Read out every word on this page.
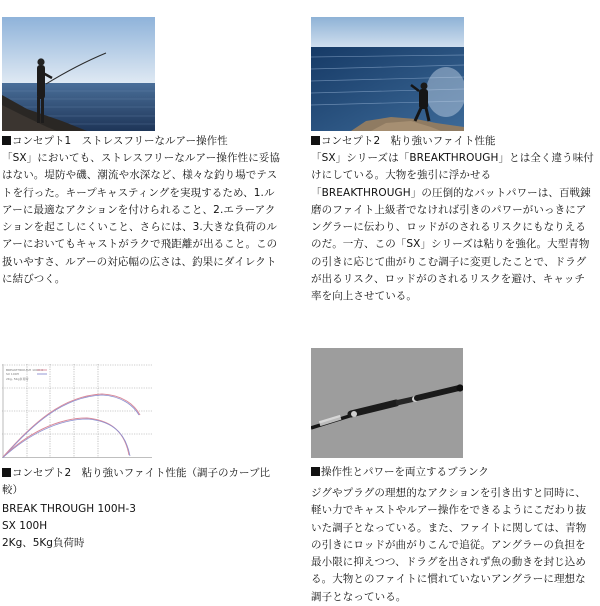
コンセプト1　ストレスフリーなルアー操作性
「SX」においても、ストレスフリーなルアー操作性に妥協
はない。堤防や磯、潮流や水深など、様々な釣り場でテス
トを行った。キープキャスティングを実現するため、1.ル
アーに最適なアクションを付けられること、2.エラーアク
ションを起こしにくいこと、さらには、3.大きな負荷のル
アーにおいてもキャストがラクで飛距離が出ること。この
扱いやすさ、ルアーの対応幅の広さは、釣果にダイレクト
に結びつく。
コンセプト2　粘り強いファイト性能
「SX」シリーズは「BREAKTHROUGH」とは全く違う味付
けにしている。大物を強引に浮かせる
「BREAKTHROUGH」の圧倒的なバットパワーは、百戦錬
磨のファイト上級者でなければ引きのパワーがいっきにア
ングラーに伝わり、ロッドがのされるリスクにもなりえる
のだ。一方、この「SX」シリーズは粘りを強化。大型青物
の引きに応じて曲がりこむ調子に変更したことで、ドラグ
が出るリスク、ロッドがのされるリスクを避け、キャッチ
率を向上させている。
BREAKTHROUGH 100H-3
SX 100H
2Kg, 5Kg負荷時
コンセプト2　粘り強いファイト性能（調子のカーブ比
較）
BREAK THROUGH 100H-3
SX 100H
2Kg、5Kg負荷時
操作性とパワーを両立するブランク
ジグやプラグの理想的なアクションを引き出すと同時に、
軽い力でキャストやルアー操作をできるようにこだわり抜
いた調子となっている。また、ファイトに関しては、青物
の引きにロッドが曲がりこんで追従。アングラーの負担を
最小限に抑えつつ、ドラグを出されず魚の動きを封じ込め
る。大物とのファイトに慣れていないアングラーに理想な
調子となっている。
